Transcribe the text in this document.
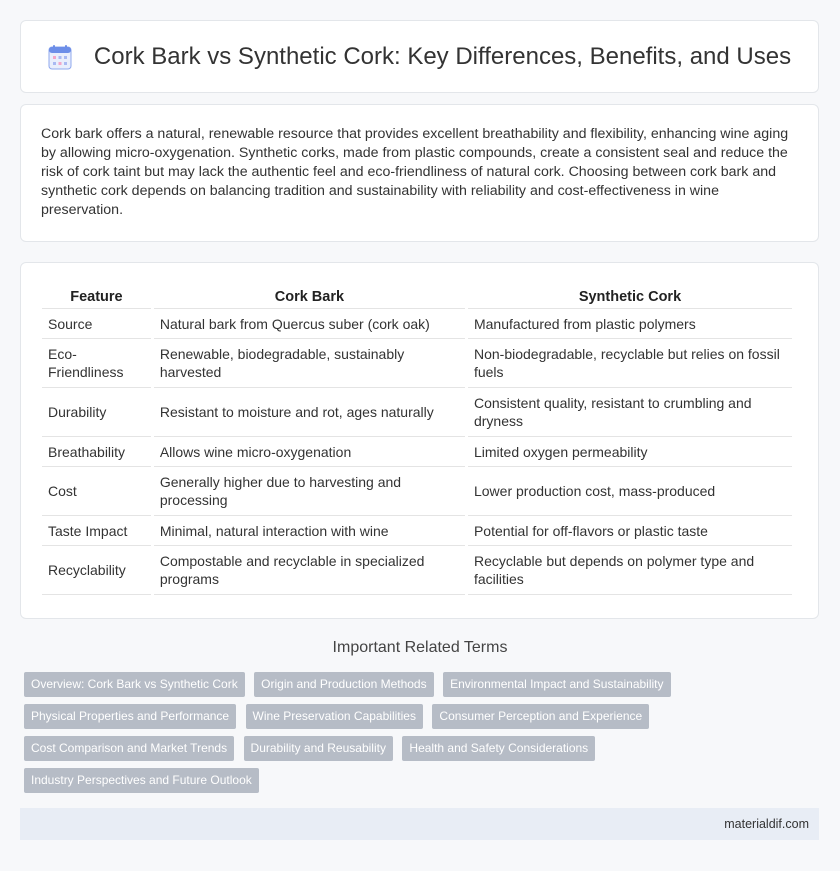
Cork Bark vs Synthetic Cork: Key Differences, Benefits, and Uses

Cork bark offers a natural, renewable resource that provides excellent breathability and flexibility, enhancing wine aging by allowing micro-oxygenation. Synthetic corks, made from plastic compounds, create a consistent seal and reduce the risk of cork taint but may lack the authentic feel and eco-friendliness of natural cork. Choosing between cork bark and synthetic cork depends on balancing tradition and sustainability with reliability and cost-effectiveness in wine preservation.

Feature	Cork Bark	Synthetic Cork
Source	Natural bark from Quercus suber (cork oak)	Manufactured from plastic polymers
Eco-Friendliness	Renewable, biodegradable, sustainably harvested	Non-biodegradable, recyclable but relies on fossil fuels
Durability	Resistant to moisture and rot, ages naturally	Consistent quality, resistant to crumbling and dryness
Breathability	Allows wine micro-oxygenation	Limited oxygen permeability
Cost	Generally higher due to harvesting and processing	Lower production cost, mass-produced
Taste Impact	Minimal, natural interaction with wine	Potential for off-flavors or plastic taste
Recyclability	Compostable and recyclable in specialized programs	Recyclable but depends on polymer type and facilities
Important Related Terms
Overview: Cork Bark vs Synthetic Cork Origin and Production Methods Environmental Impact and Sustainability Physical Properties and Performance Wine Preservation Capabilities Consumer Perception and Experience Cost Comparison and Market Trends Durability and Reusability Health and Safety Considerations Industry Perspectives and Future Outlook
materialdif.com
